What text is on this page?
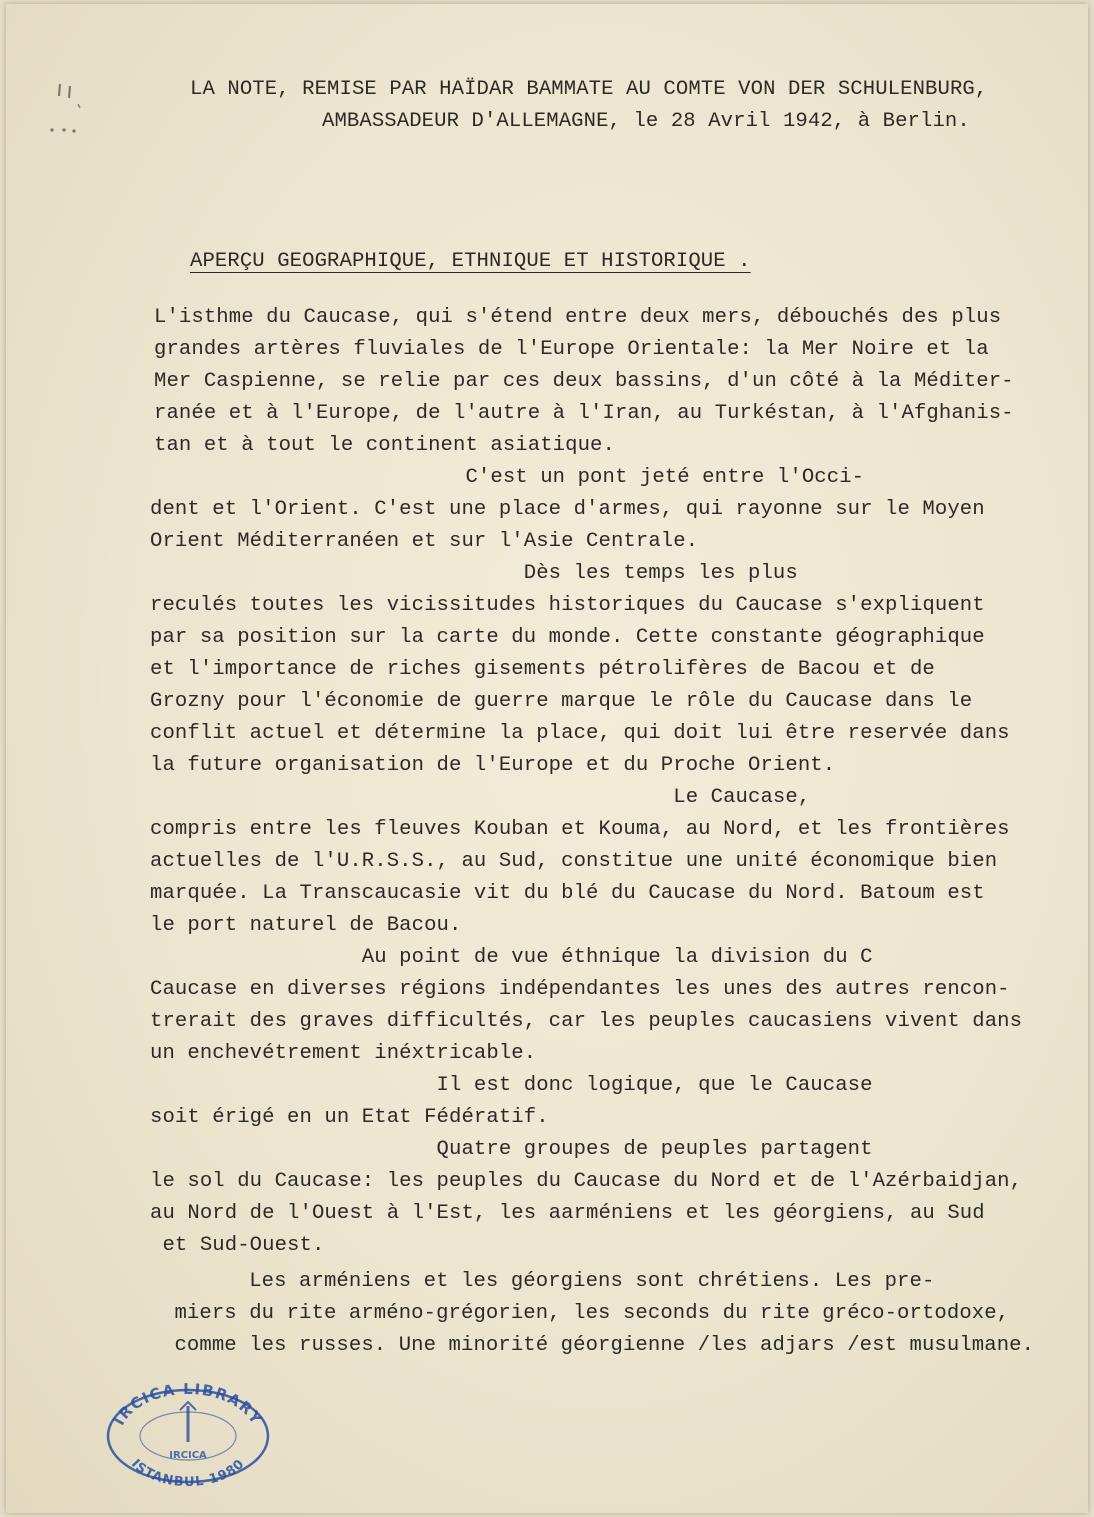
LA NOTE, REMISE PAR HAÏDAR BAMMATE AU COMTE VON DER SCHULENBURG,

AMBASSADEUR D'ALLEMAGNE, le 28 Avril 1942, à Berlin.

APERÇU GEOGRAPHIQUE, ETHNIQUE ET HISTORIQUE .

L'isthme du Caucase, qui s'étend entre deux mers, débouchés des plus

grandes artères fluviales de l'Europe Orientale: la Mer Noire et la

Mer Caspienne, se relie par ces deux bassins, d'un côté à la Méditer-

ranée et à l'Europe, de l'autre à l'Iran, au Turkéstan, à l'Afghanis-

tan et à tout le continent asiatique.

C'est un pont jeté entre l'Occi-

dent et l'Orient. C'est une place d'armes, qui rayonne sur le Moyen

Orient Méditerranéen et sur l'Asie Centrale.

Dès les temps les plus

reculés toutes les vicissitudes historiques du Caucase s'expliquent

par sa position sur la carte du monde. Cette constante géographique

et l'importance de riches gisements pétrolifères de Bacou et de

Grozny pour l'économie de guerre marque le rôle du Caucase dans le

conflit actuel et détermine la place, qui doit lui être reservée dans

la future organisation de l'Europe et du Proche Orient.

Le Caucase,

compris entre les fleuves Kouban et Kouma, au Nord, et les frontières

actuelles de l'U.R.S.S., au Sud, constitue une unité économique bien

marquée. La Transcaucasie vit du blé du Caucase du Nord. Batoum est

le port naturel de Bacou.

Au point de vue éthnique la division du C

Caucase en diverses régions indépendantes les unes des autres rencon-

trerait des graves difficultés, car les peuples caucasiens vivent dans

un enchevétrement inéxtricable.

Il est donc logique, que le Caucase

soit érigé en un Etat Fédératif.

Quatre groupes de peuples partagent

le sol du Caucase: les peuples du Caucase du Nord et de l'Azérbaidjan,

au Nord de l'Ouest à l'Est, les aarméniens et les géorgiens, au Sud

et Sud-Ouest.

Les arméniens et les géorgiens sont chrétiens. Les pre-

miers du rite arméno-grégorien, les seconds du rite gréco-ortodoxe,

comme les russes. Une minorité géorgienne /les adjars /est musulmane.

IRCICA LIBRARY
ISTANBUL 1980
IRCICA
